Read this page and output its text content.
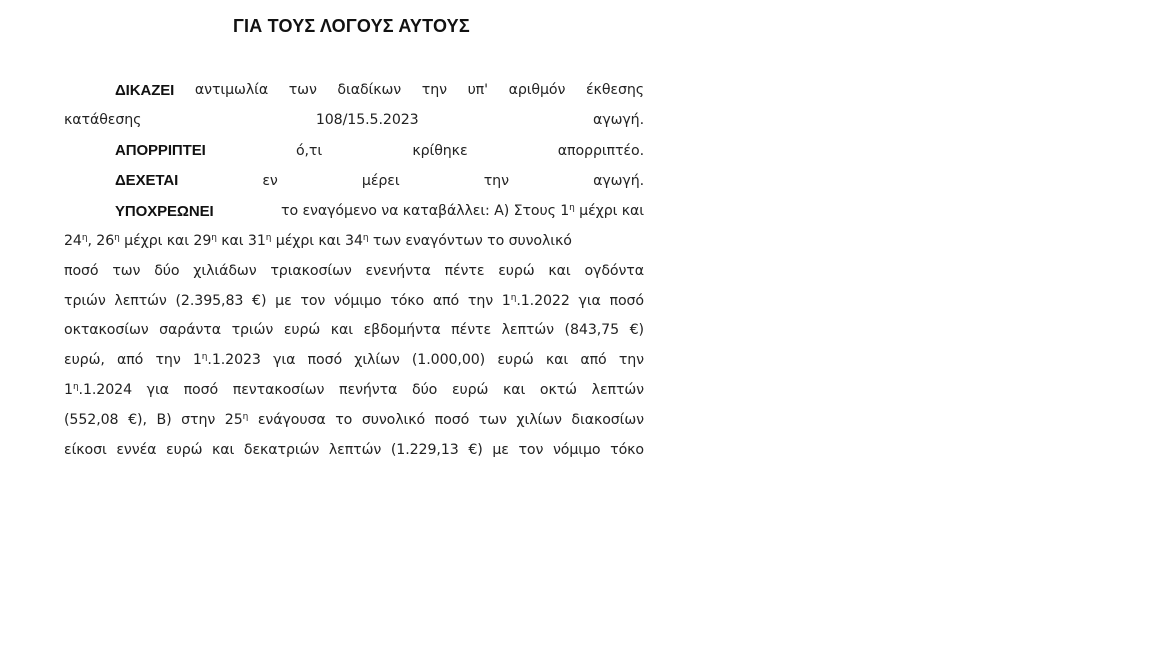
ΓΙΑ ΤΟΥΣ ΛΟΓΟΥΣ ΑΥΤΟΥΣ
ΔΙΚΑΖΕΙ αντιμωλία των διαδίκων την υπ' αριθμόν έκθεσης
κατάθεσης 108/15.5.2023 αγωγή.
ΑΠΟΡΡΙΠΤΕΙ ό,τι κρίθηκε απορριπτέο.
ΔΕΧΕΤΑΙ εν μέρει την αγωγή.
ΥΠΟΧΡΕΩΝΕΙ	το εναγόμενο να καταβάλλει: Α) Στους $1^\eta$ μέχρι και
$24^\eta$, $26^\eta$ μέχρι και $29^\eta$ και $31^\eta$ μέχρι και $34^\eta$ των εναγόντων το συνολικό
ποσό των δύο χιλιάδων τριακοσίων ενενήντα πέντε ευρώ και ογδόντα
τριών λεπτών (2.395,83 €) με τον νόμιμο τόκο από την $1^\eta.1.2022$ για ποσό
οκτακοσίων σαράντα τριών ευρώ και εβδομήντα πέντε λεπτών (843,75 €)
ευρώ, από την $1^\eta.1.2023$ για ποσό χιλίων (1.000,00) ευρώ και από την
$1^\eta.1.2024$ για ποσό πεντακοσίων πενήντα δύο ευρώ και οκτώ λεπτών
(552,08 €), Β) στην $25^\eta$ ενάγουσα το συνολικό ποσό των χιλίων διακοσίων
είκοσι εννέα ευρώ και δεκατριών λεπτών (1.229,13 €) με τον νόμιμο τόκο
